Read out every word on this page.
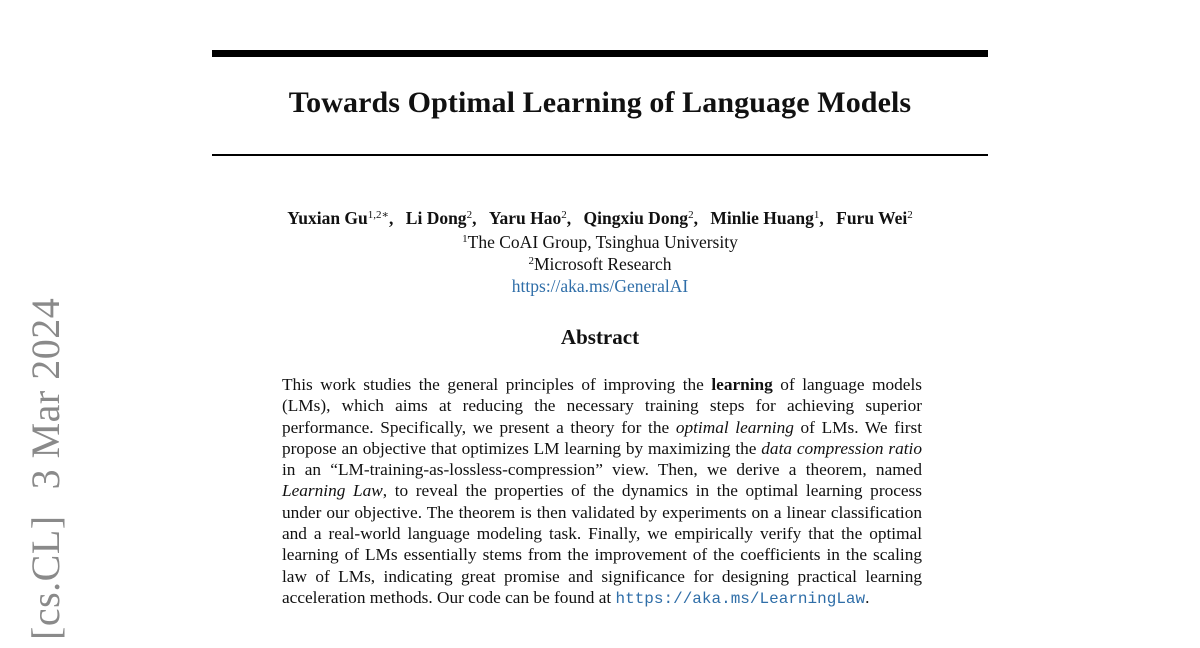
Towards Optimal Learning of Language Models
Yuxian $Gu^{1,2∗}$, Li Dong$^2$, Yaru Hao$^2$, Qingxiu Dong$^2$, Minlie Huang$^1$, Furu Wei$^2$
$^1$The CoAI Group, Tsinghua University
$^2$Microsoft Research
https://aka.ms/GeneralAI
Abstract
This work studies the general principles of improving the learning of language models (LMs), which aims at reducing the necessary training steps for achieving superior performance. Specifically, we present a theory for the optimal learning of LMs. We first propose an objective that optimizes LM learning by maximizing the data compression ratio in an “LM-training-as-lossless-compression” view. Then, we derive a theorem, named Learning Law, to reveal the properties of the dynamics in the optimal learning process under our objective. The theorem is then validated by experiments on a linear classification and a real-world language modeling task. Finally, we empirically verify that the optimal learning of LMs essentially stems from the improvement of the coefficients in the scaling law of LMs, indicating great promise and significance for designing practical learning acceleration methods. Our code can be found at https://aka.ms/LearningLaw.
[cs.CL]3 Mar 2024
